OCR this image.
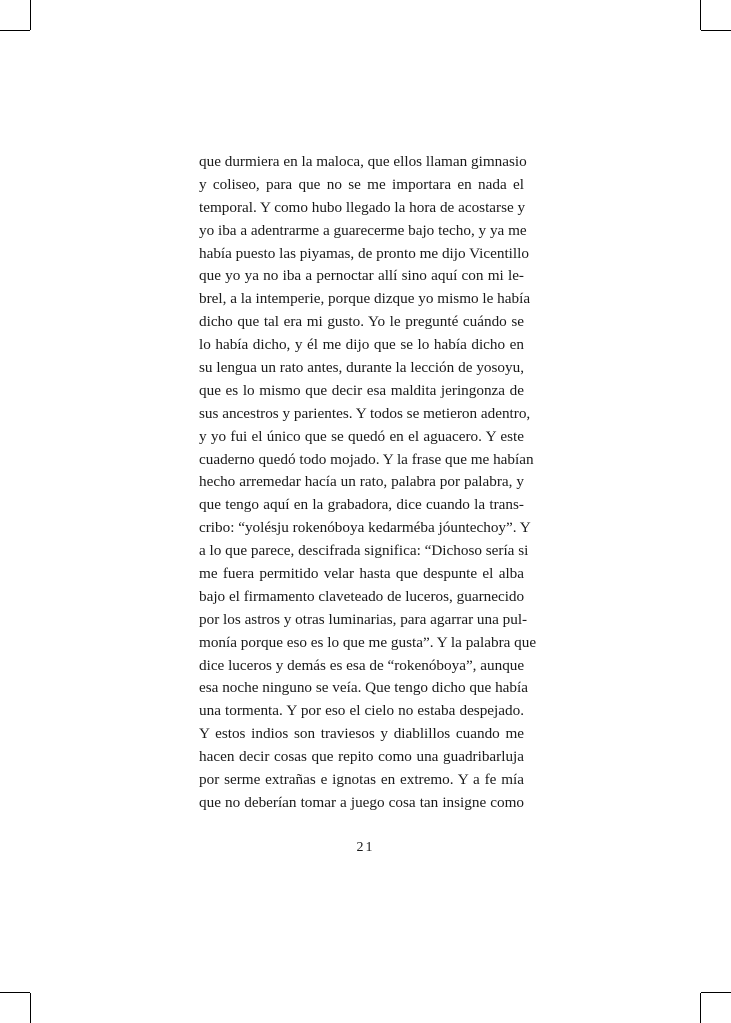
que durmiera en la maloca, que ellos llaman gimnasio
y coliseo, para que no se me importara en nada el
temporal. Y como hubo llegado la hora de acostarse y
yo iba a adentrarme a guarecerme bajo techo, y ya me
había puesto las piyamas, de pronto me dijo Vicentillo
que yo ya no iba a pernoctar allí sino aquí con mi le-
brel, a la intemperie, porque dizque yo mismo le había
dicho que tal era mi gusto. Yo le pregunté cuándo se
lo había dicho, y él me dijo que se lo había dicho en
su lengua un rato antes, durante la lección de yosoyu,
que es lo mismo que decir esa maldita jeringonza de
sus ancestros y parientes. Y todos se metieron adentro,
y yo fui el único que se quedó en el aguacero. Y este
cuaderno quedó todo mojado. Y la frase que me habían
hecho arremedar hacía un rato, palabra por palabra, y
que tengo aquí en la grabadora, dice cuando la trans-
cribo: “yolésju rokenóboya kedarméba jóuntechoy”. Y
a lo que parece, descifrada significa: “Dichoso sería si
me fuera permitido velar hasta que despunte el alba
bajo el firmamento claveteado de luceros, guarnecido
por los astros y otras luminarias, para agarrar una pul-
monía porque eso es lo que me gusta”. Y la palabra que
dice luceros y demás es esa de “rokenóboya”, aunque
esa noche ninguno se veía. Que tengo dicho que había
una tormenta. Y por eso el cielo no estaba despejado.
Y estos indios son traviesos y diablillos cuando me
hacen decir cosas que repito como una guadribarluja
por serme extrañas e ignotas en extremo. Y a fe mía
que no deberían tomar a juego cosa tan insigne como
21
